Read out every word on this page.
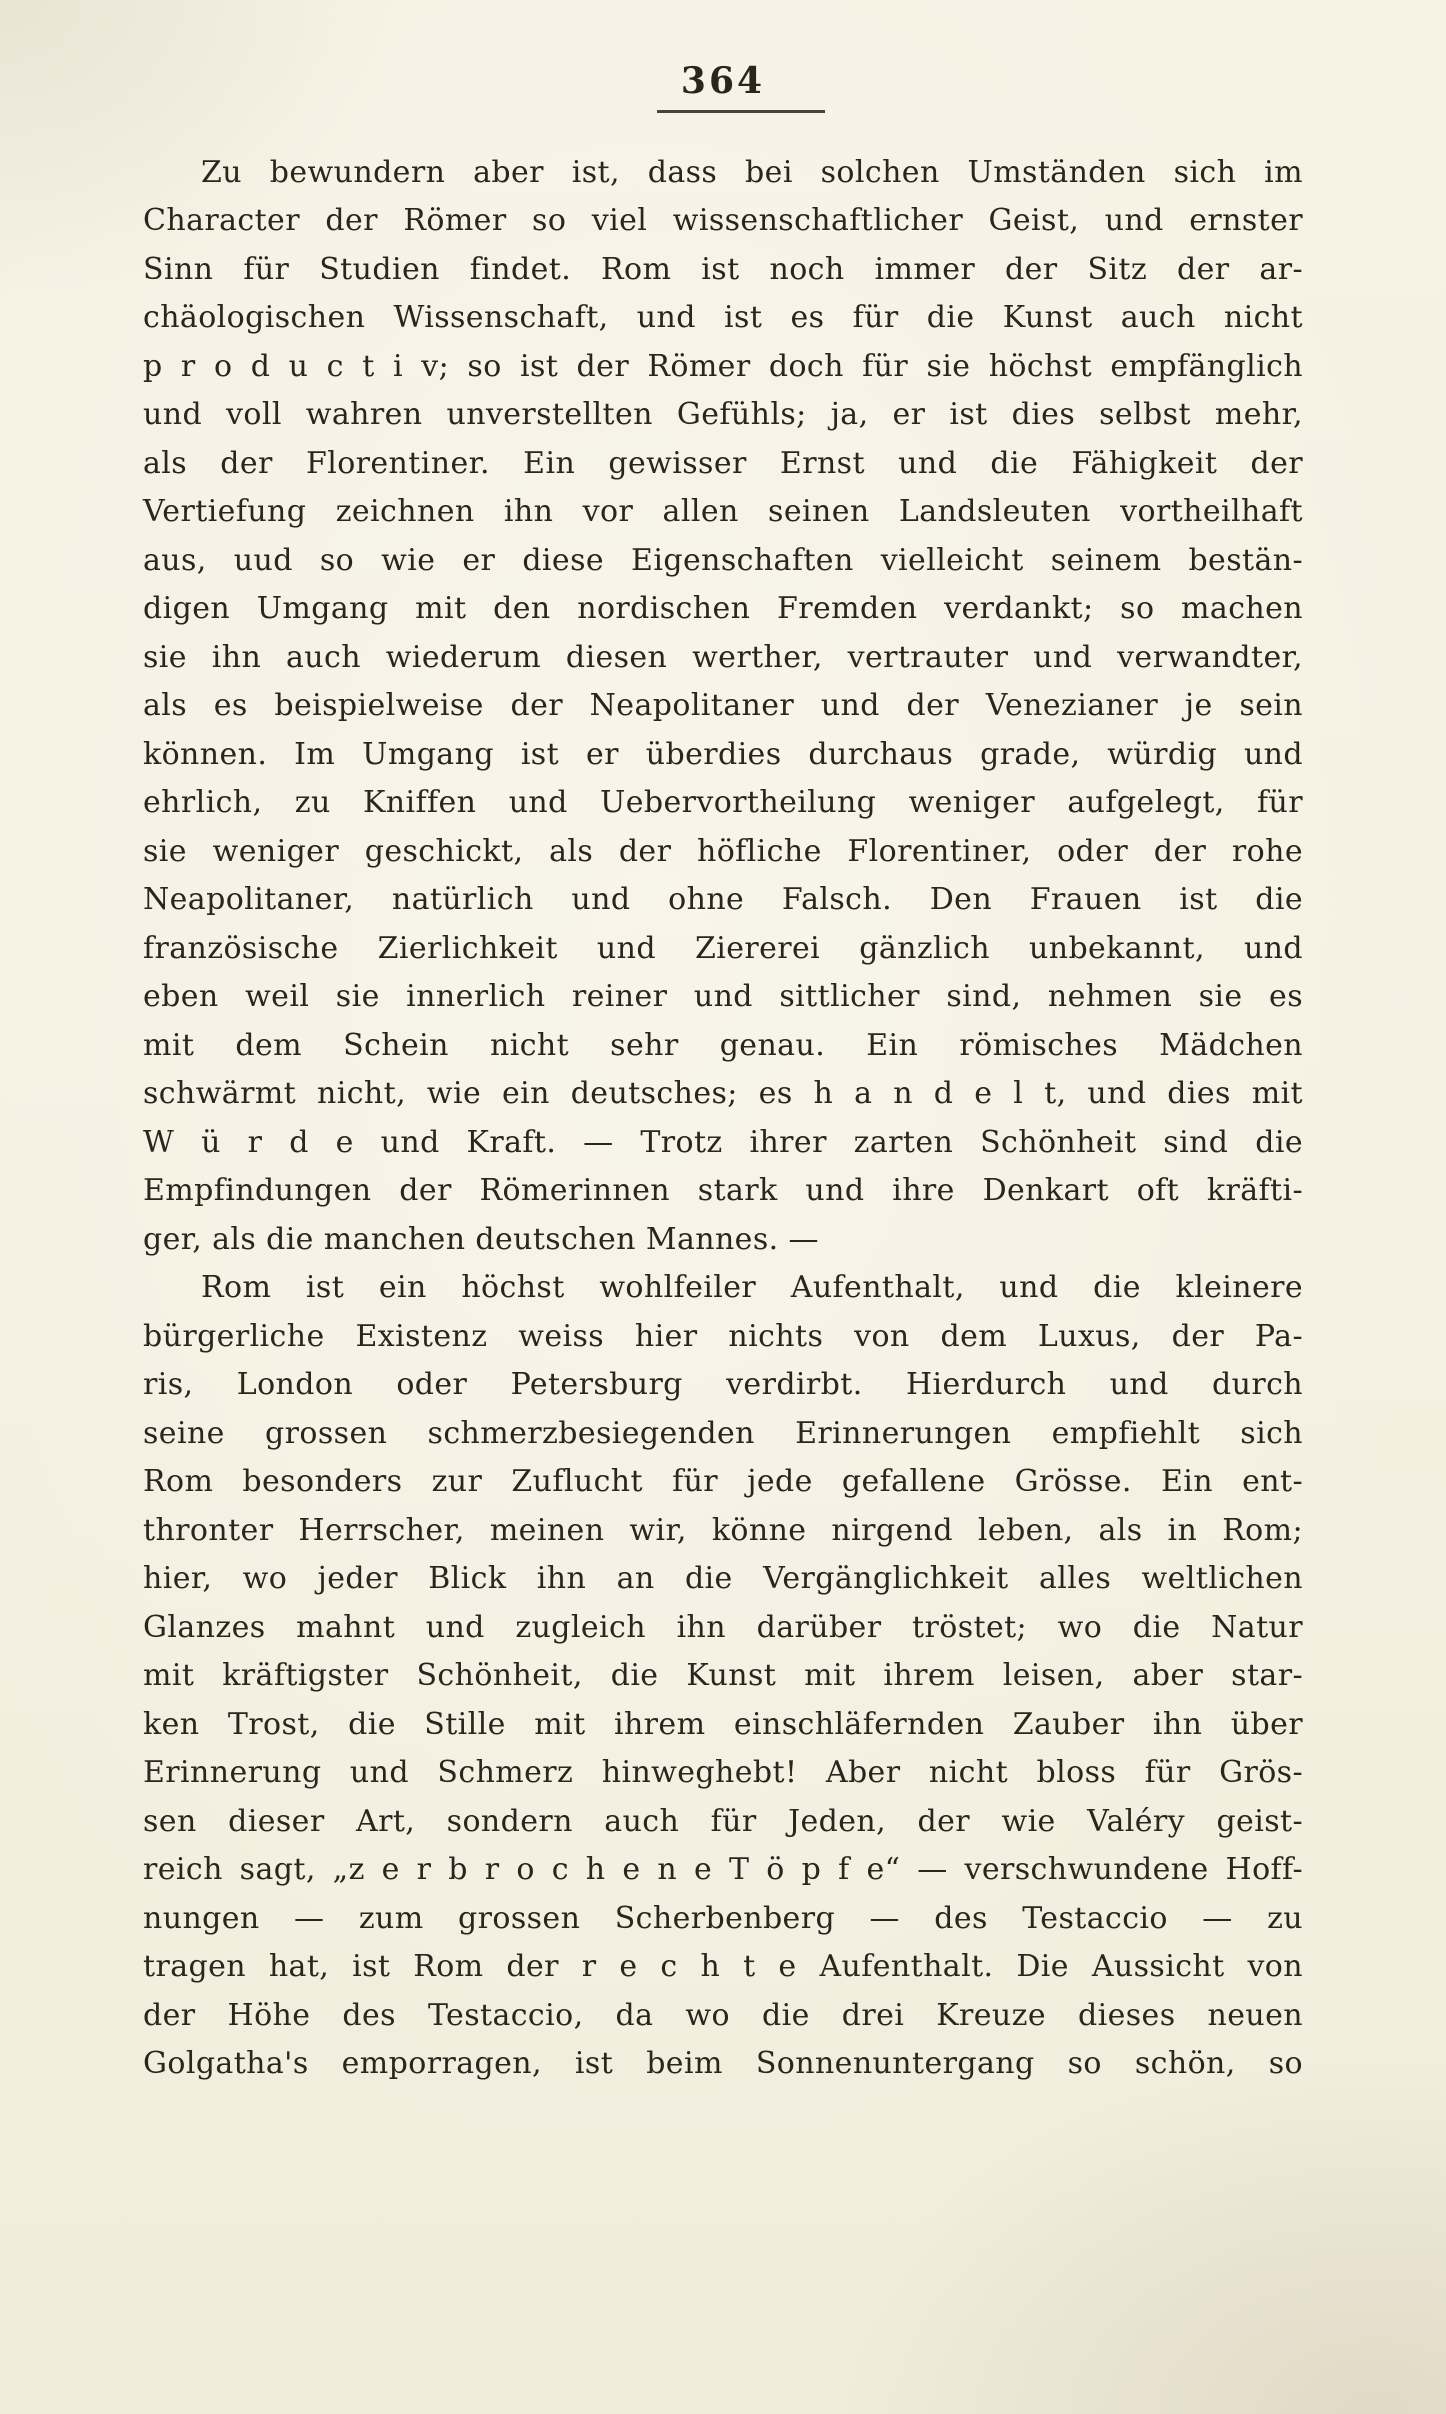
364
Zu bewundern aber ist, dass bei solchen Umständen sich im
Character der Römer so viel wissenschaftlicher Geist, und ernster
Sinn für Studien findet. Rom ist noch immer der Sitz der ar-
chäologischen Wissenschaft, und ist es für die Kunst auch nicht
p r o d u c t i v; so ist der Römer doch für sie höchst empfänglich
und voll wahren unverstellten Gefühls; ja, er ist dies selbst mehr,
als der Florentiner. Ein gewisser Ernst und die Fähigkeit der
Vertiefung zeichnen ihn vor allen seinen Landsleuten vortheilhaft
aus, uud so wie er diese Eigenschaften vielleicht seinem bestän-
digen Umgang mit den nordischen Fremden verdankt; so machen
sie ihn auch wiederum diesen werther, vertrauter und verwandter,
als es beispielweise der Neapolitaner und der Venezianer je sein
können. Im Umgang ist er überdies durchaus grade, würdig und
ehrlich, zu Kniffen und Uebervortheilung weniger aufgelegt, für
sie weniger geschickt, als der höfliche Florentiner, oder der rohe
Neapolitaner, natürlich und ohne Falsch. Den Frauen ist die
französische Zierlichkeit und Ziererei gänzlich unbekannt, und
eben weil sie innerlich reiner und sittlicher sind, nehmen sie es
mit dem Schein nicht sehr genau. Ein römisches Mädchen
schwärmt nicht, wie ein deutsches; es h a n d e l t, und dies mit
W ü r d e und Kraft. — Trotz ihrer zarten Schönheit sind die
Empfindungen der Römerinnen stark und ihre Denkart oft kräfti-
ger, als die manchen deutschen Mannes. —
Rom ist ein höchst wohlfeiler Aufenthalt, und die kleinere
bürgerliche Existenz weiss hier nichts von dem Luxus, der Pa-
ris, London oder Petersburg verdirbt. Hierdurch und durch
seine grossen schmerzbesiegenden Erinnerungen empfiehlt sich
Rom besonders zur Zuflucht für jede gefallene Grösse. Ein ent-
thronter Herrscher, meinen wir, könne nirgend leben, als in Rom;
hier, wo jeder Blick ihn an die Vergänglichkeit alles weltlichen
Glanzes mahnt und zugleich ihn darüber tröstet; wo die Natur
mit kräftigster Schönheit, die Kunst mit ihrem leisen, aber star-
ken Trost, die Stille mit ihrem einschläfernden Zauber ihn über
Erinnerung und Schmerz hinweghebt! Aber nicht bloss für Grös-
sen dieser Art, sondern auch für Jeden, der wie Valéry geist-
reich sagt, „z e r b r o c h e n e T ö p f e“ — verschwundene Hoff-
nungen — zum grossen Scherbenberg — des Testaccio — zu
tragen hat, ist Rom der r e c h t e Aufenthalt. Die Aussicht von
der Höhe des Testaccio, da wo die drei Kreuze dieses neuen
Golgatha's emporragen, ist beim Sonnenuntergang so schön, so
